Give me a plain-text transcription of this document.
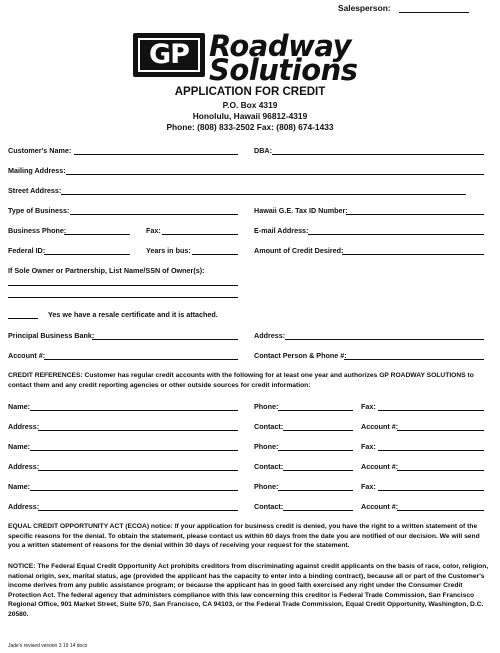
Salesperson:
GP Roadway
Solutions
APPLICATION FOR CREDIT
P.O. Box 4319
Honolulu, Hawaii 96812-4319
Phone: (808) 833-2502 Fax: (808) 674-1433
Customer's Name:	DBA:
Mailing Address:
Street Address:
Type of Business:	Hawaii G.E. Tax ID Number:
Business Phone:	Fax:	E-mail Address:
Federal ID:	Years in bus:	Amount of Credit Desired:
If Sole Owner or Partnership, List Name/SSN of Owner(s):
Yes we have a resale certificate and it is attached.
Principal Business Bank:	Address:
Account #:	Contact Person & Phone #:
CREDIT REFERENCES: Customer has regular credit accounts with the following for at least one year and authorizes GP ROADWAY SOLUTIONS to contact them and any credit reporting agencies or other outside sources for credit information:
Name:	Phone:	Fax:
Address:	Contact:	Account #:
Name:	Phone:	Fax:
Address:	Contact:	Account #:
Name:	Phone:	Fax:
Address:	Contact:	Account #:
EQUAL CREDIT OPPORTUNITY ACT (ECOA) notice: If your application for business credit is denied, you have the right to a written statement of the specific reasons for the denial. To obtain the statement, please contact us within 60 days from the date you are notified of our decision. We will send you a written statement of reasons for the denial within 30 days of receiving your request for the statement.
NOTICE: The Federal Equal Credit Opportunity Act prohibits creditors from discriminating against credit applicants on the basis of race, color, religion, national origin, sex, marital status, age (provided the applicant has the capacity to enter into a binding contract), because all or part of the Customer's income derives from any public assistance program; or because the applicant has in good faith exercised any right under the Consumer Credit Protection Act. The federal agency that administers compliance with this law concerning this creditor is Federal Trade Commission, San Francisco Regional Office, 901 Market Street, Suite 570, San Francisco, CA 94103, or the Federal Trade Commission, Equal Credit Opportunity, Washington, D.C. 20580.
Jade's revised version 3 19 14 docx
